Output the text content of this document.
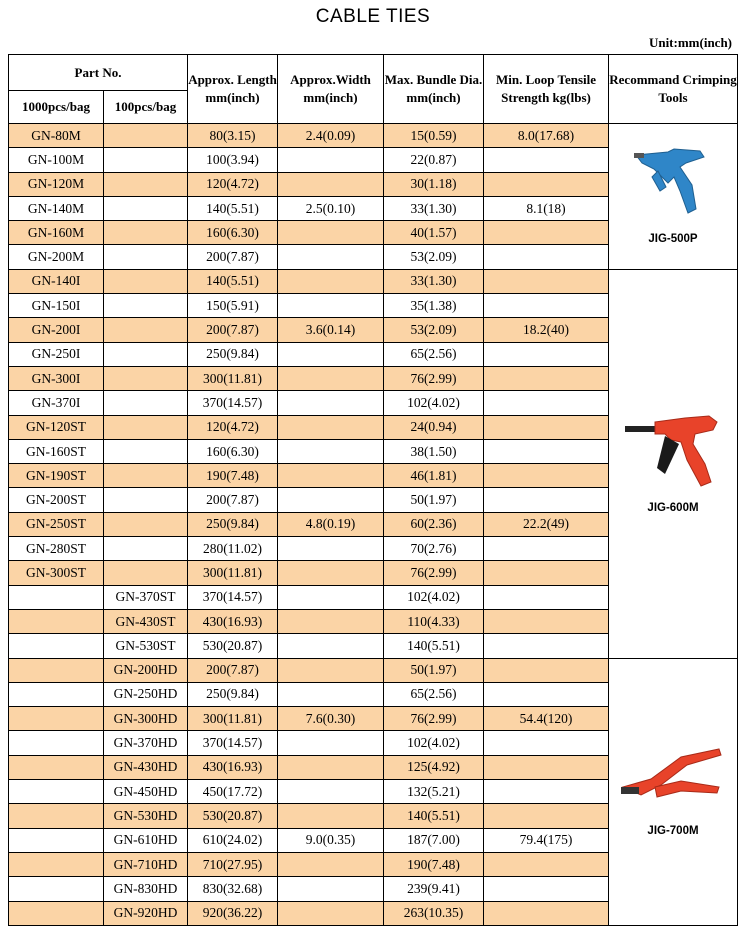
CABLE TIES
Unit:mm(inch)
Part No.		Approx. Length mm(inch)	Approx.Width mm(inch)	Max. Bundle Dia. mm(inch)	Min. Loop Tensile Strength kg(lbs)	Recommand Crimping Tools
1000pcs/bag	100pcs/bag					
GN-80M		80(3.15)	2.4(0.09)	15(0.59)	8.0(17.68)	JIG-500P

GN-100M		100(3.94)		22(0.87)		
GN-120M		120(4.72)		30(1.18)		
GN-140M		140(5.51)	2.5(0.10)	33(1.30)	8.1(18)	
GN-160M		160(6.30)		40(1.57)		
GN-200M		200(7.87)		53(2.09)		
GN-140I		140(5.51)		33(1.30)		JIG-600M

GN-150I		150(5.91)		35(1.38)		
GN-200I		200(7.87)	3.6(0.14)	53(2.09)	18.2(40)	
GN-250I		250(9.84)		65(2.56)		
GN-300I		300(11.81)		76(2.99)		
GN-370I		370(14.57)		102(4.02)		
GN-120ST		120(4.72)		24(0.94)		
GN-160ST		160(6.30)		38(1.50)		
GN-190ST		190(7.48)		46(1.81)		
GN-200ST		200(7.87)		50(1.97)		
GN-250ST		250(9.84)	4.8(0.19)	60(2.36)	22.2(49)	
GN-280ST		280(11.02)		70(2.76)		
GN-300ST		300(11.81)		76(2.99)		
	GN-370ST	370(14.57)		102(4.02)		
	GN-430ST	430(16.93)		110(4.33)		
	GN-530ST	530(20.87)		140(5.51)		
	GN-200HD	200(7.87)		50(1.97)		JIG-700M

	GN-250HD	250(9.84)		65(2.56)		
	GN-300HD	300(11.81)	7.6(0.30)	76(2.99)	54.4(120)	
	GN-370HD	370(14.57)		102(4.02)		
	GN-430HD	430(16.93)		125(4.92)		
	GN-450HD	450(17.72)		132(5.21)		
	GN-530HD	530(20.87)		140(5.51)		
	GN-610HD	610(24.02)	9.0(0.35)	187(7.00)	79.4(175)	
	GN-710HD	710(27.95)		190(7.48)		
	GN-830HD	830(32.68)		239(9.41)		
	GN-920HD	920(36.22)		263(10.35)		
